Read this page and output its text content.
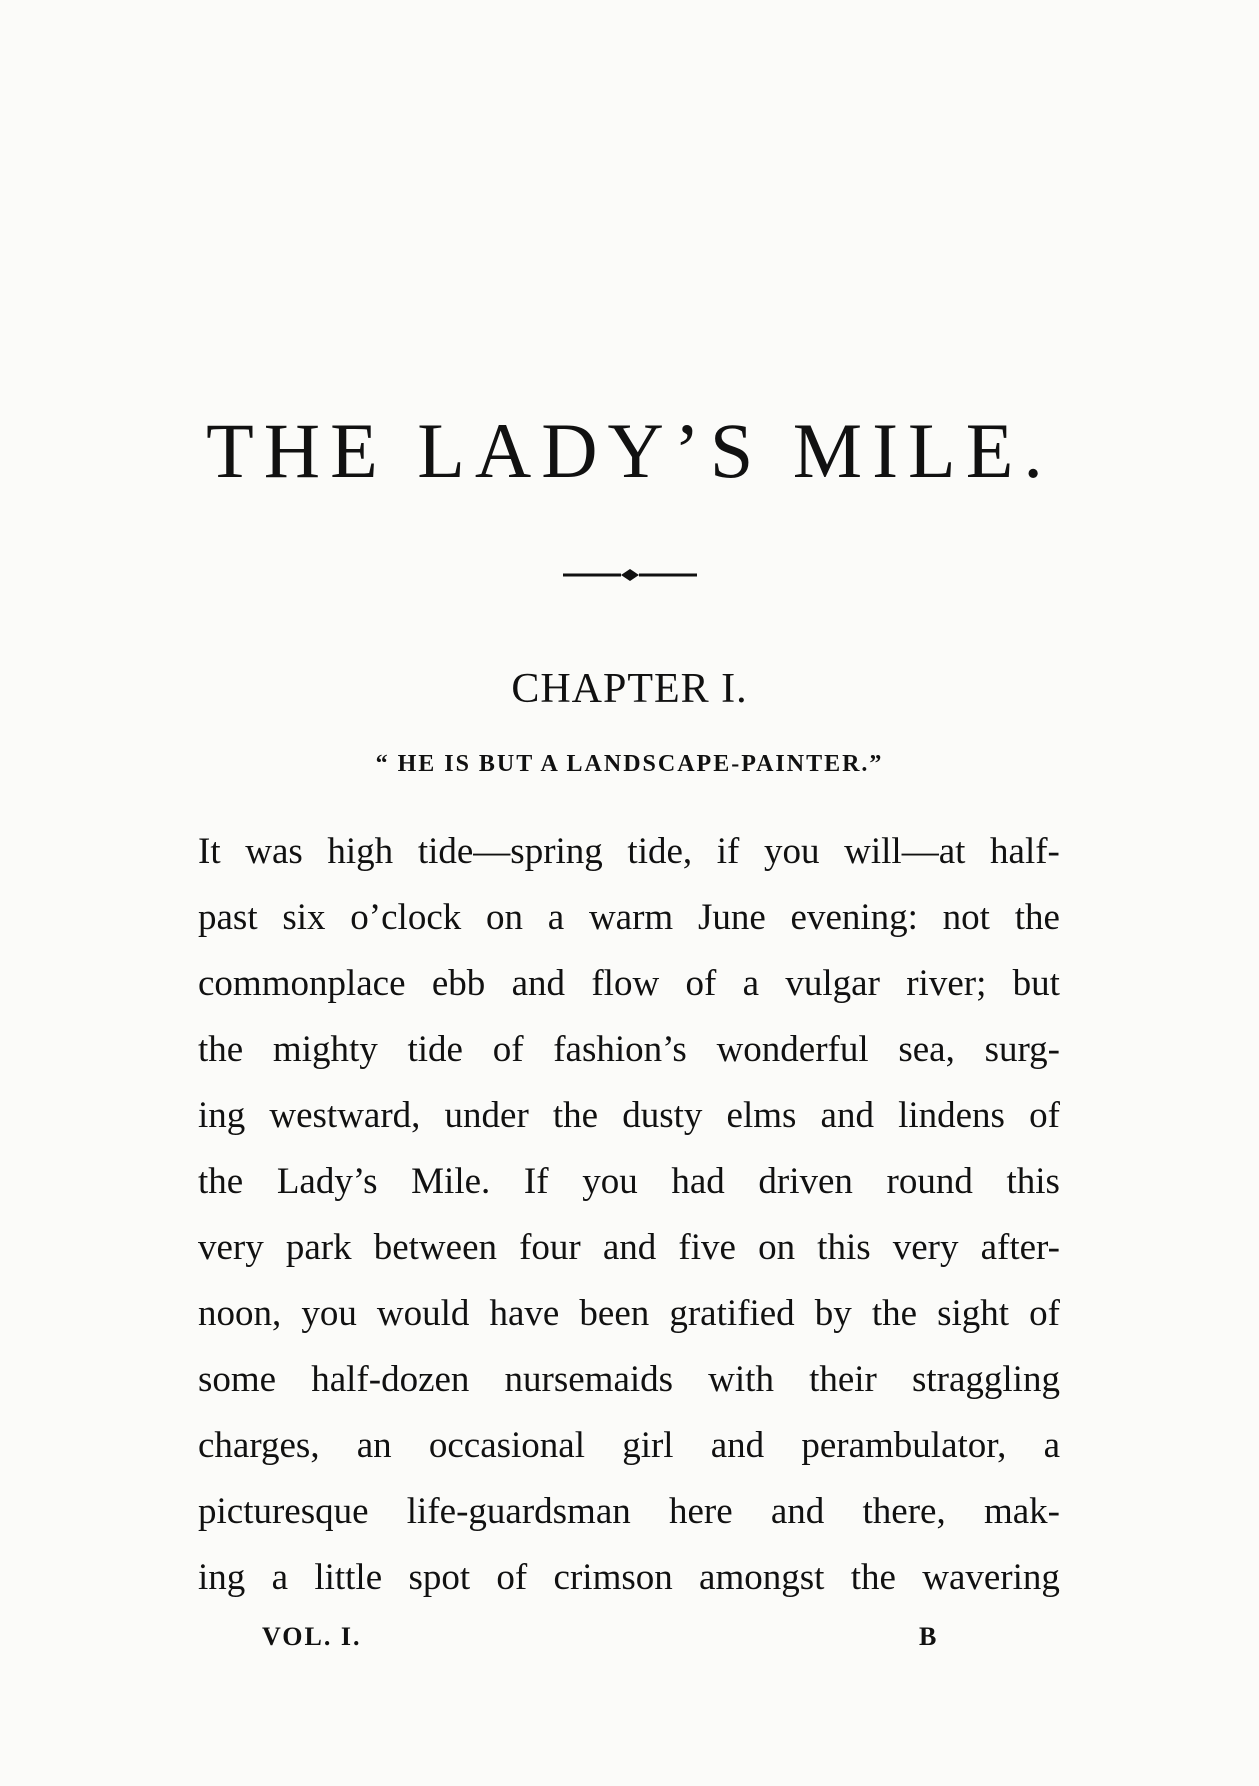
THE LADY’S MILE.
CHAPTER I.
“ HE IS BUT A LANDSCAPE-PAINTER.”
It was high tide—spring tide, if you will—at half-
past six o’clock on a warm June evening: not the
commonplace ebb and flow of a vulgar river; but
the mighty tide of fashion’s wonderful sea, surg-
ing westward, under the dusty elms and lindens of
the Lady’s Mile. If you had driven round this
very park between four and five on this very after-
noon, you would have been gratified by the sight of
some half-dozen nursemaids with their straggling
charges, an occasional girl and perambulator, a
picturesque life-guardsman here and there, mak-
ing a little spot of crimson amongst the wavering
VOL. I.	B
